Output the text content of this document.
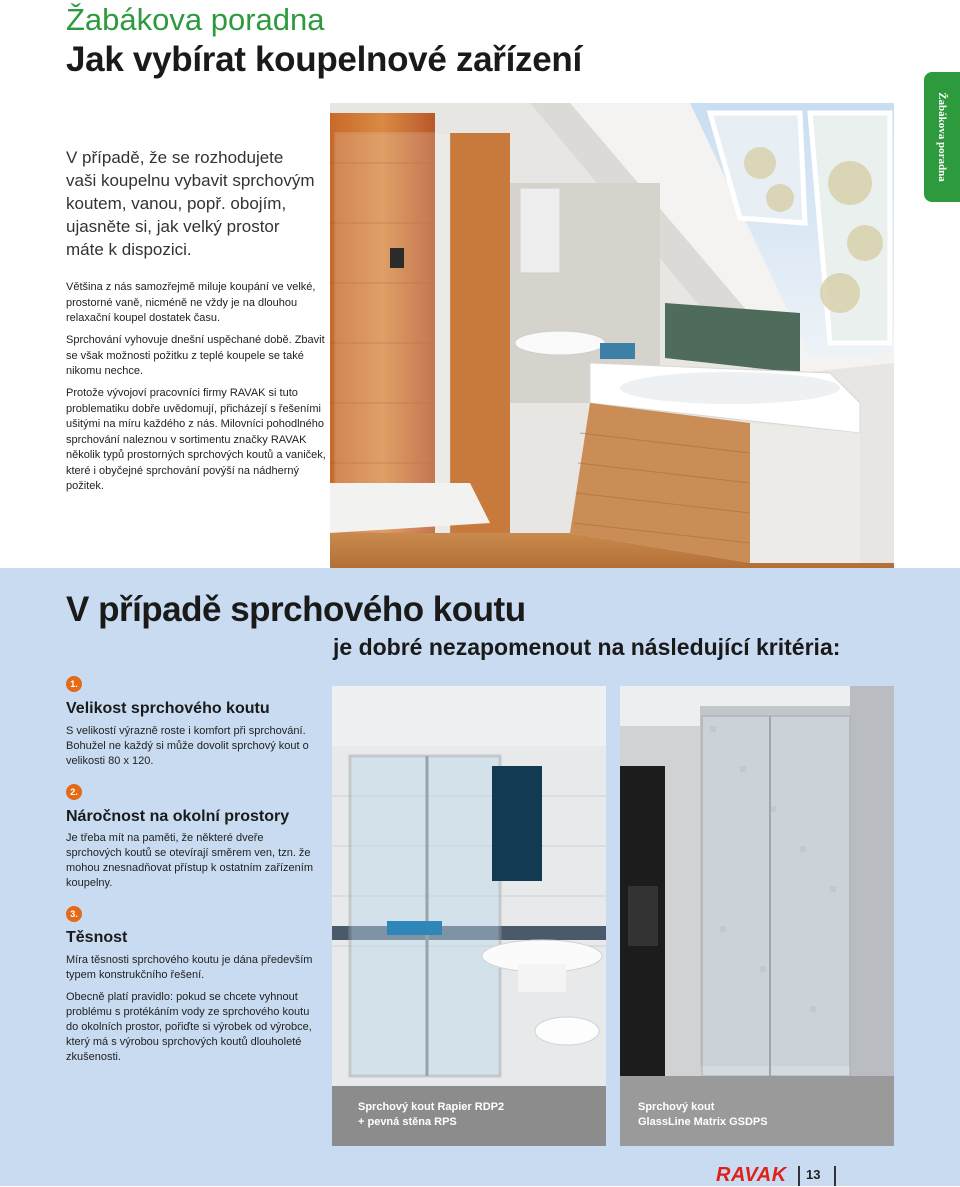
Žabákova poradna
Jak vybírat koupelnové zařízení
Žabákova poradna

V případě, že se rozhodujete vaši koupelnu vybavit sprchovým koutem, vanou, popř. obojím, ujasněte si, jak velký prostor máte k dispozici.

Většina z nás samozřejmě miluje koupání ve velké, prostorné vaně, nicméně ne vždy je na dlouhou relaxační koupel dostatek času.

Sprchování vyhovuje dnešní uspěchané době. Zbavit se však možnosti požitku z teplé koupele se také nikomu nechce.

Protože vývojoví pracovníci firmy RAVAK si tuto problematiku dobře uvědomují, přicházejí s řešeními ušitými na míru každého z nás. Milovníci pohodlného sprchování naleznou v sortimentu značky RAVAK několik typů prostorných sprchových koutů a vaniček, které i obyčejné sprchování povýší na nádherný požitek.

V případě sprchového koutu
je dobré nezapomenout na následující kritéria:
1.
Velikost sprchového koutu

S velikostí výrazně roste i komfort při sprchování. Bohužel ne každý si může dovolit sprchový kout o velikosti 80 x 120.

2.
Náročnost na okolní prostory

Je třeba mít na paměti, že některé dveře sprchových koutů se otevírají směrem ven, tzn. že mohou znesnadňovat přístup k ostatním zařízením koupelny.

3.
Těsnost

Míra těsnosti sprchového koutu je dána především typem konstrukčního řešení.

Obecně platí pravidlo: pokud se chcete vyhnout problému s protékáním vody ze sprchového koutu do okolních prostor, pořiďte si výrobek od výrobce, který má s výrobou sprchových koutů dlouholeté zkušenosti.

Sprchový kout Rapier RDP2
+ pevná stěna RPS
Sprchový kout
GlassLine Matrix GSDPS
RAVAK 13
